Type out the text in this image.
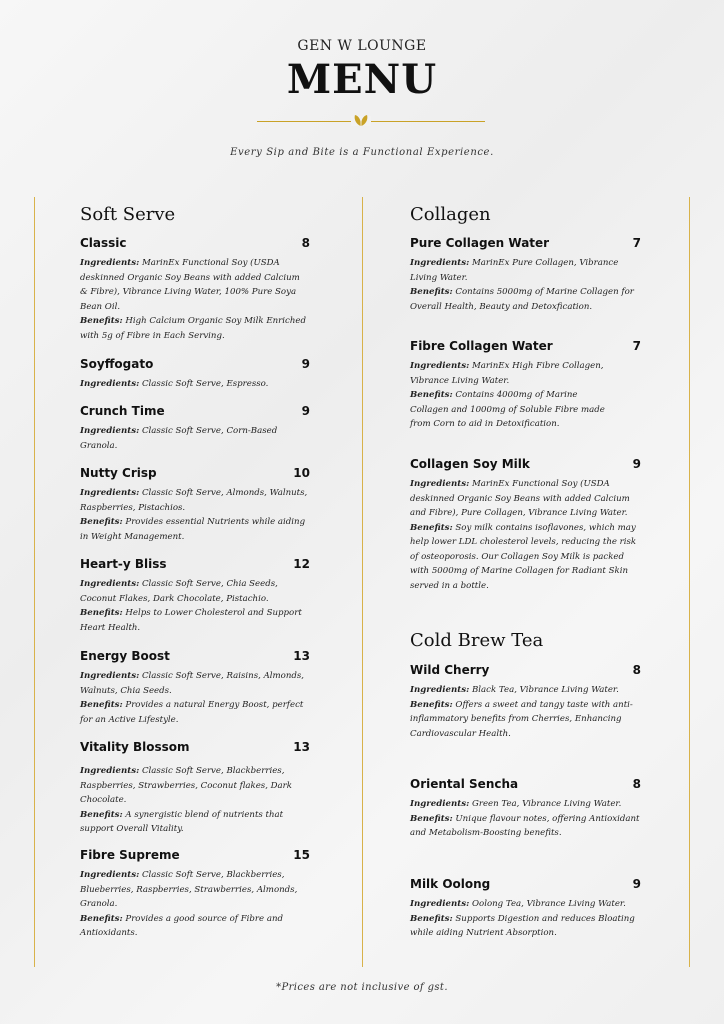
GEN W LOUNGE
MENU
Every Sip and Bite is a Functional Experience.
Soft Serve
Classic	8
Ingredients: MarinEx Functional Soy (USDA deskinned Organic Soy Beans with added Calcium & Fibre), Vibrance Living Water, 100% Pure Soya Bean Oil.
Benefits: High Calcium Organic Soy Milk Enriched with 5g of Fibre in Each Serving.
Soyffogato	9
Ingredients: Classic Soft Serve, Espresso.
Crunch Time	9
Ingredients: Classic Soft Serve, Corn-Based Granola.
Nutty Crisp	10
Ingredients: Classic Soft Serve, Almonds, Walnuts, Raspberries, Pistachios.
Benefits: Provides essential Nutrients while aiding in Weight Management.
Heart-y Bliss	12
Ingredients: Classic Soft Serve, Chia Seeds, Coconut Flakes, Dark Chocolate, Pistachio.
Benefits: Helps to Lower Cholesterol and Support Heart Health.
Energy Boost	13
Ingredients: Classic Soft Serve, Raisins, Almonds, Walnuts, Chia Seeds.
Benefits: Provides a natural Energy Boost, perfect for an Active Lifestyle.
Vitality Blossom	13
Ingredients: Classic Soft Serve, Blackberries, Raspberries, Strawberries, Coconut flakes, Dark Chocolate.
Benefits: A synergistic blend of nutrients that support Overall Vitality.
Fibre Supreme	15
Ingredients: Classic Soft Serve, Blackberries, Blueberries, Raspberries, Strawberries, Almonds, Granola.
Benefits: Provides a good source of Fibre and Antioxidants.
Collagen
Pure Collagen Water	7
Ingredients: MarinEx Pure Collagen, Vibrance Living Water.
Benefits: Contains 5000mg of Marine Collagen for Overall Health, Beauty and Detoxfication.
Fibre Collagen Water	7
Ingredients: MarinEx High Fibre Collagen, Vibrance Living Water.
Benefits: Contains 4000mg of Marine Collagen and 1000mg of Soluble Fibre made from Corn to aid in Detoxification.
Collagen Soy Milk	9
Ingredients: MarinEx Functional Soy (USDA deskinned Organic Soy Beans with added Calcium and Fibre), Pure Collagen, Vibrance Living Water.
Benefits: Soy milk contains isoflavones, which may help lower LDL cholesterol levels, reducing the risk of osteoporosis. Our Collagen Soy Milk is packed with 5000mg of Marine Collagen for Radiant Skin served in a bottle.
Cold Brew Tea
Wild Cherry	8
Ingredients: Black Tea, Vibrance Living Water.
Benefits: Offers a sweet and tangy taste with anti-inflammatory benefits from Cherries, Enhancing Cardiovascular Health.
Oriental Sencha	8
Ingredients: Green Tea, Vibrance Living Water.
Benefits: Unique flavour notes, offering Antioxidant and Metabolism-Boosting benefits.
Milk Oolong	9
Ingredients: Oolong Tea, Vibrance Living Water.
Benefits: Supports Digestion and reduces Bloating while aiding Nutrient Absorption.
*Prices are not inclusive of gst.
